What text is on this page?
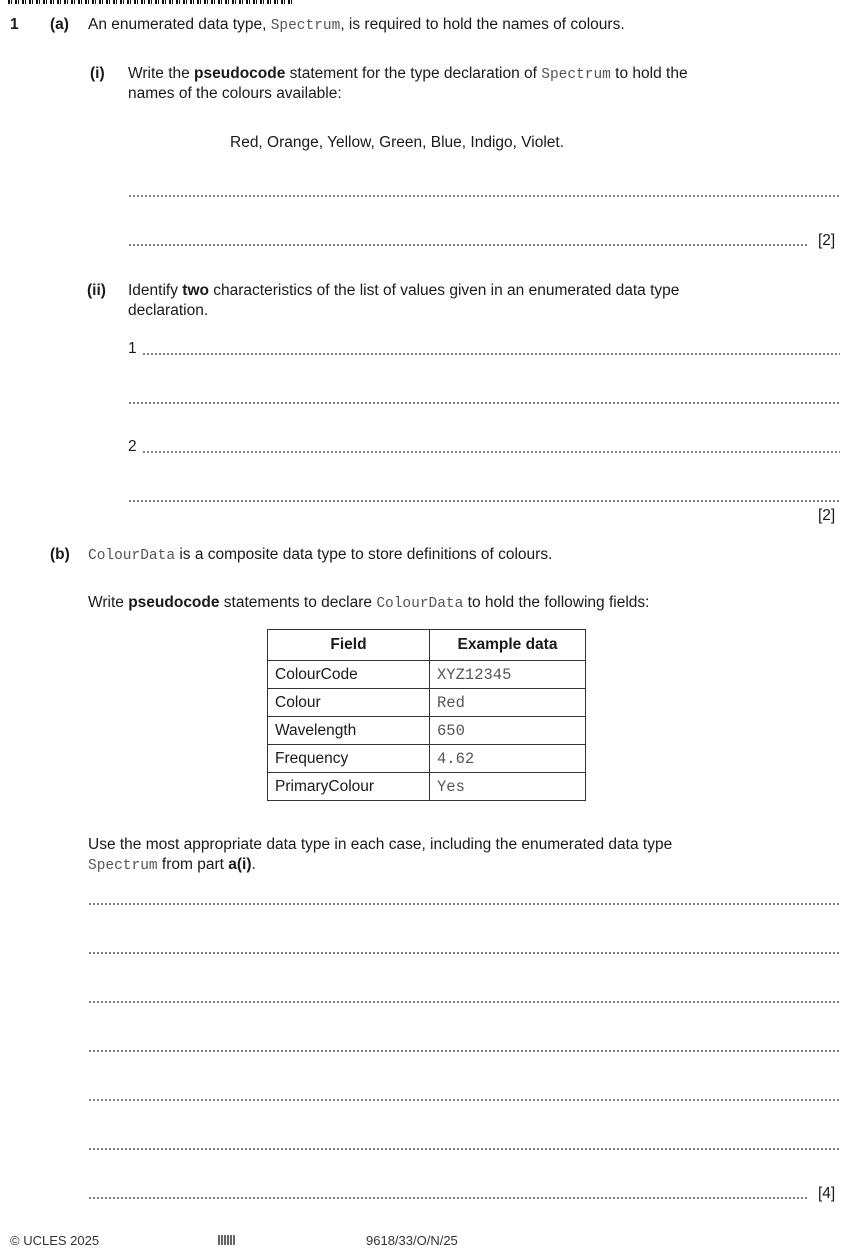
1 (a) An enumerated data type, Spectrum, is required to hold the names of colours.
(i) Write the pseudocode statement for the type declaration of Spectrum to hold the
names of the colours available:
Red, Orange, Yellow, Green, Blue, Indigo, Violet.
[2]
(ii) Identify two characteristics of the list of values given in an enumerated data type
declaration.
1
2
[2]
(b) ColourData is a composite data type to store definitions of colours.
Write pseudocode statements to declare ColourData to hold the following fields:
Field	Example data
ColourCode	XYZ12345
Colour	Red
Wavelength	650
Frequency	4.62
PrimaryColour	Yes
Use the most appropriate data type in each case, including the enumerated data type
Spectrum from part a(i).
[4]
© UCLES 2025	9618/33/O/N/25
